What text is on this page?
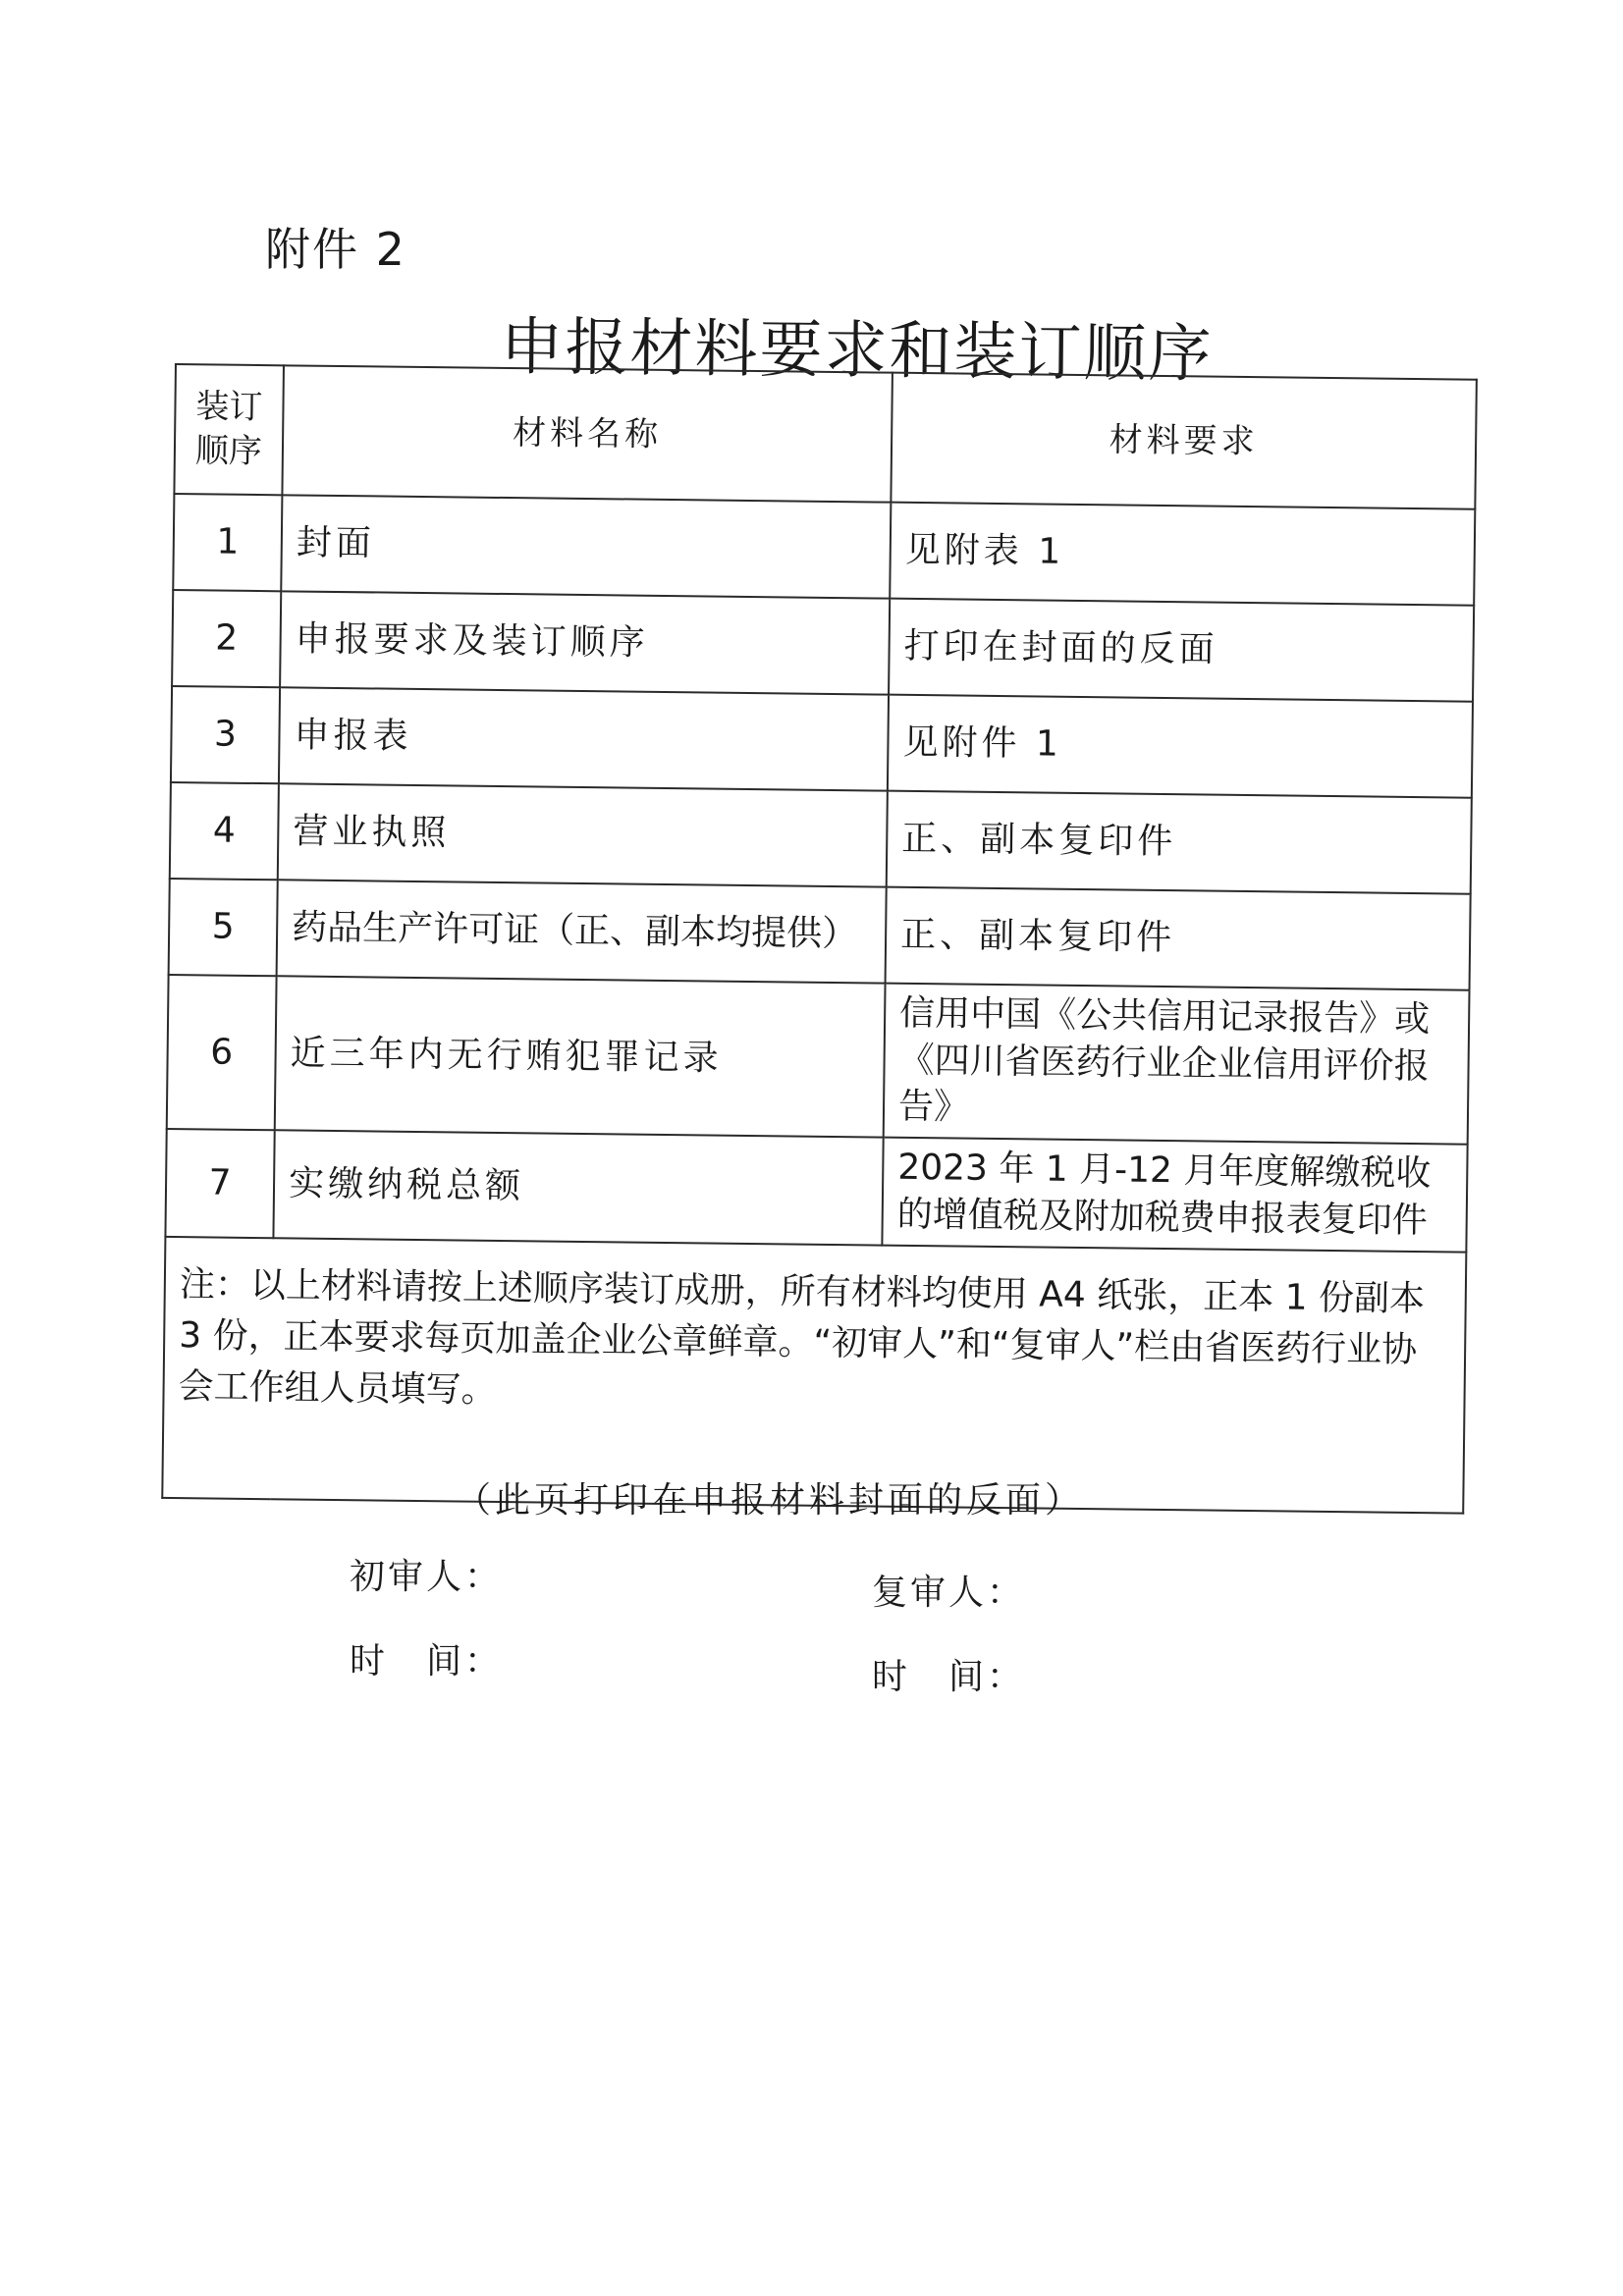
附件 2
申报材料要求和装订顺序
装订顺序	材料名称	材料要求
1	封面	见附表 1
2	申报要求及装订顺序	打印在封面的反面
3	申报表	见附件 1
4	营业执照	正、副本复印件
5	药品生产许可证（正、副本均提供）	正、副本复印件
6	近三年内无行贿犯罪记录	信用中国《公共信用记录报告》或《四川省医药行业企业信用评价报告》
7	实缴纳税总额	2023 年 1 月-12 月年度解缴税收的增值税及附加税费申报表复印件
注：以上材料请按上述顺序装订成册，所有材料均使用 A4 纸张，正本 1 份副本 3 份，正本要求每页加盖企业公章鲜章。“初审人”和“复审人”栏由省医药行业协会工作组人员填写。		
（此页打印在申报材料封面的反面）
初审人：
时　间：
复审人：
时　间：
